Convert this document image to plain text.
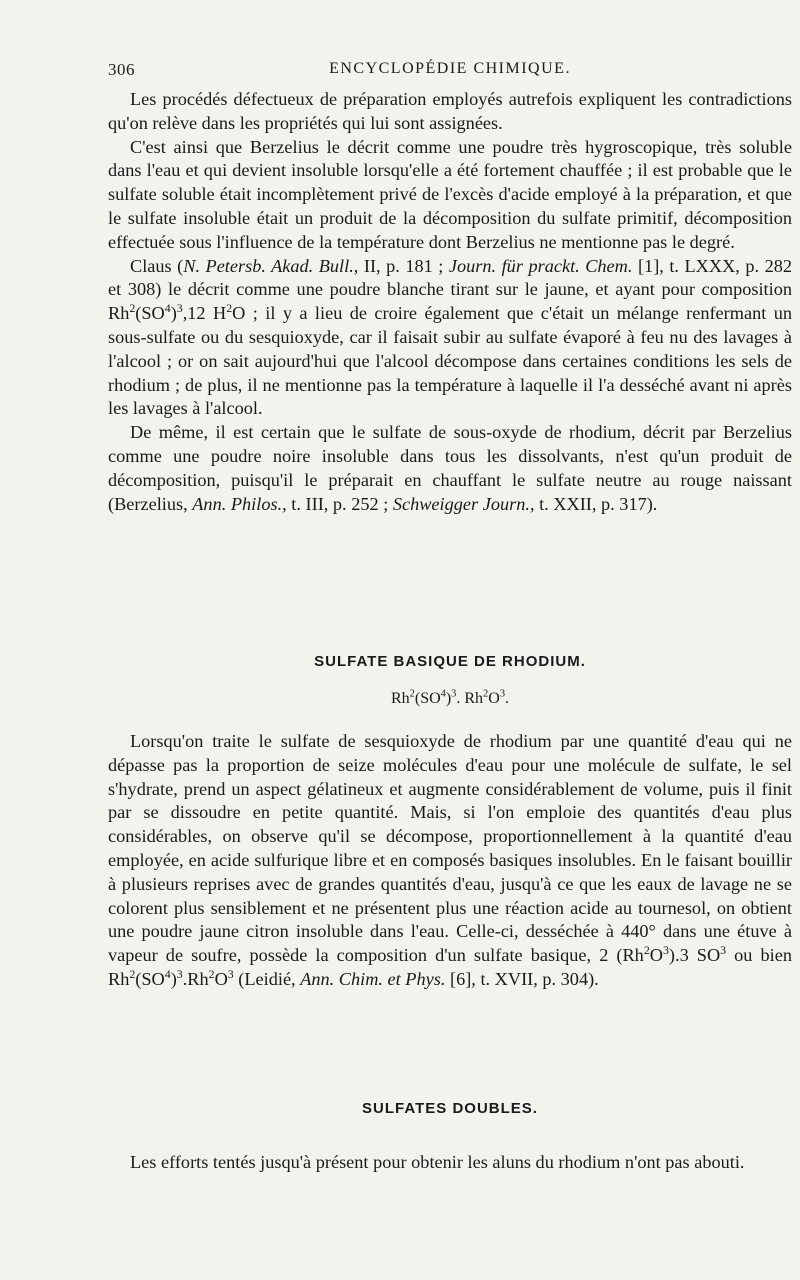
306	ENCYCLOPÉDIE CHIMIQUE.

Les procédés défectueux de préparation employés autrefois expliquent les contradictions qu'on relève dans les propriétés qui lui sont assignées.

C'est ainsi que Berzelius le décrit comme une poudre très hygroscopique, très soluble dans l'eau et qui devient insoluble lorsqu'elle a été fortement chauffée ; il est probable que le sulfate soluble était incomplètement privé de l'excès d'acide employé à la préparation, et que le sulfate insoluble était un produit de la décomposition du sulfate primitif, décomposition effectuée sous l'influence de la température dont Berzelius ne mentionne pas le degré.

Claus (N. Petersb. Akad. Bull., II, p. 181 ; Journ. für prackt. Chem. [1], t. LXXX, p. 282 et 308) le décrit comme une poudre blanche tirant sur le jaune, et ayant pour composition $Rh^2(SO^4)^3,12$ $H^2O$ ; il y a lieu de croire également que c'était un mélange renfermant un sous-sulfate ou du sesquioxyde, car il faisait subir au sulfate évaporé à feu nu des lavages à l'alcool ; or on sait aujourd'hui que l'alcool décompose dans certaines conditions les sels de rhodium ; de plus, il ne mentionne pas la température à laquelle il l'a desséché avant ni après les lavages à l'alcool.

De même, il est certain que le sulfate de sous-oxyde de rhodium, décrit par Berzelius comme une poudre noire insoluble dans tous les dissolvants, n'est qu'un produit de décomposition, puisqu'il le préparait en chauffant le sulfate neutre au rouge naissant (Berzelius, Ann. Philos., t. III, p. 252 ; Schweigger Journ., t. XXII, p. 317).

SULFATE BASIQUE DE RHODIUM.
$Rh^2(SO^4)^3$. $Rh^2O^3$.

Lorsqu'on traite le sulfate de sesquioxyde de rhodium par une quantité d'eau qui ne dépasse pas la proportion de seize molécules d'eau pour une molécule de sulfate, le sel s'hydrate, prend un aspect gélatineux et augmente considérablement de volume, puis il finit par se dissoudre en petite quantité. Mais, si l'on emploie des quantités d'eau plus considérables, on observe qu'il se décompose, proportionnellement à la quantité d'eau employée, en acide sulfurique libre et en composés basiques insolubles. En le faisant bouillir à plusieurs reprises avec de grandes quantités d'eau, jusqu'à ce que les eaux de lavage ne se colorent plus sensiblement et ne présentent plus une réaction acide au tournesol, on obtient une poudre jaune citron insoluble dans l'eau. Celle-ci, desséchée à 440° dans une étuve à vapeur de soufre, possède la composition d'un sulfate basique, 2 $(Rh^2O^3).3$ $SO^3$ ou bien $Rh^2(SO^4)^3.Rh^2O^3$ (Leidié, Ann. Chim. et Phys. [6], t. XVII, p. 304).

SULFATES DOUBLES.

Les efforts tentés jusqu'à présent pour obtenir les aluns du rhodium n'ont pas abouti.
